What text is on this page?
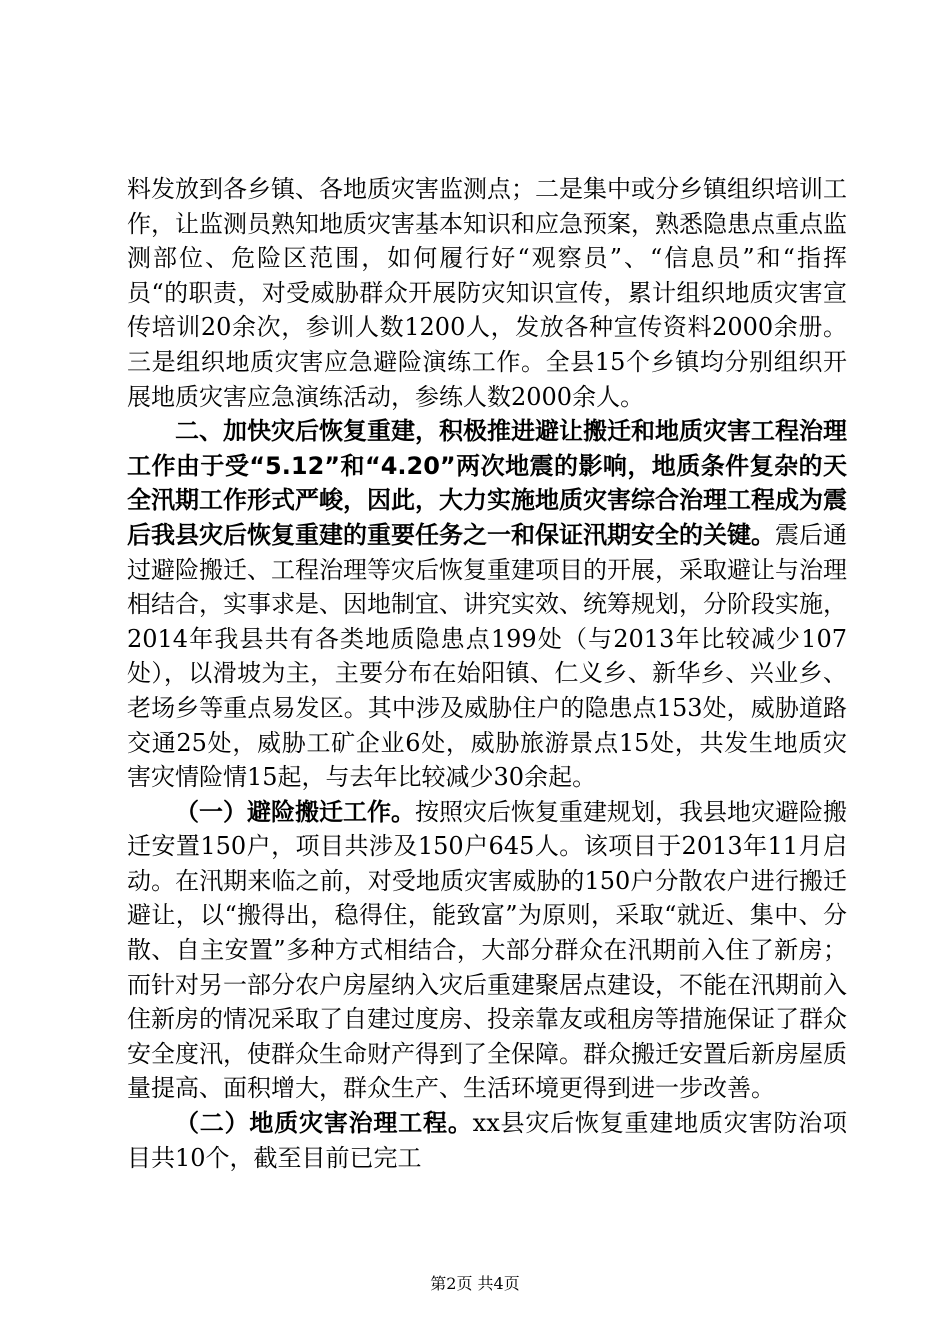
料发放到各乡镇、各地质灾害监测点；二是集中或分乡镇组织培训工作，让监测员熟知地质灾害基本知识和应急预案，熟悉隐患点重点监测部位、危险区范围，如何履行好“观察员”、“信息员”和“指挥员“的职责，对受威胁群众开展防灾知识宣传，累计组织地质灾害宣传培训20余次，参训人数1200人，发放各种宣传资料2000余册。三是组织地质灾害应急避险演练工作。全县15个乡镇均分别组织开展地质灾害应急演练活动，参练人数2000余人。

二、加快灾后恢复重建，积极推进避让搬迁和地质灾害工程治理工作由于受“5.12”和“4.20”两次地震的影响，地质条件复杂的天全汛期工作形式严峻，因此，大力实施地质灾害综合治理工程成为震后我县灾后恢复重建的重要任务之一和保证汛期安全的关键。震后通过避险搬迁、工程治理等灾后恢复重建项目的开展，采取避让与治理相结合，实事求是、因地制宜、讲究实效、统筹规划，分阶段实施，2014年我县共有各类地质隐患点199处（与2013年比较减少107处），以滑坡为主，主要分布在始阳镇、仁义乡、新华乡、兴业乡、老场乡等重点易发区。其中涉及威胁住户的隐患点153处，威胁道路交通25处，威胁工矿企业6处，威胁旅游景点15处，共发生地质灾害灾情险情15起，与去年比较减少30余起。

（一）避险搬迁工作。按照灾后恢复重建规划，我县地灾避险搬迁安置150户，项目共涉及150户645人。该项目于2013年11月启动。在汛期来临之前，对受地质灾害威胁的150户分散农户进行搬迁避让，以“搬得出，稳得住，能致富”为原则，采取“就近、集中、分散、自主安置”多种方式相结合，大部分群众在汛期前入住了新房；而针对另一部分农户房屋纳入灾后重建聚居点建设，不能在汛期前入住新房的情况采取了自建过度房、投亲靠友或租房等措施保证了群众安全度汛，使群众生命财产得到了全保障。群众搬迁安置后新房屋质量提高、面积增大，群众生产、生活环境更得到进一步改善。

（二）地质灾害治理工程。xx县灾后恢复重建地质灾害防治项目共10个，截至目前已完工

第2页 共4页
